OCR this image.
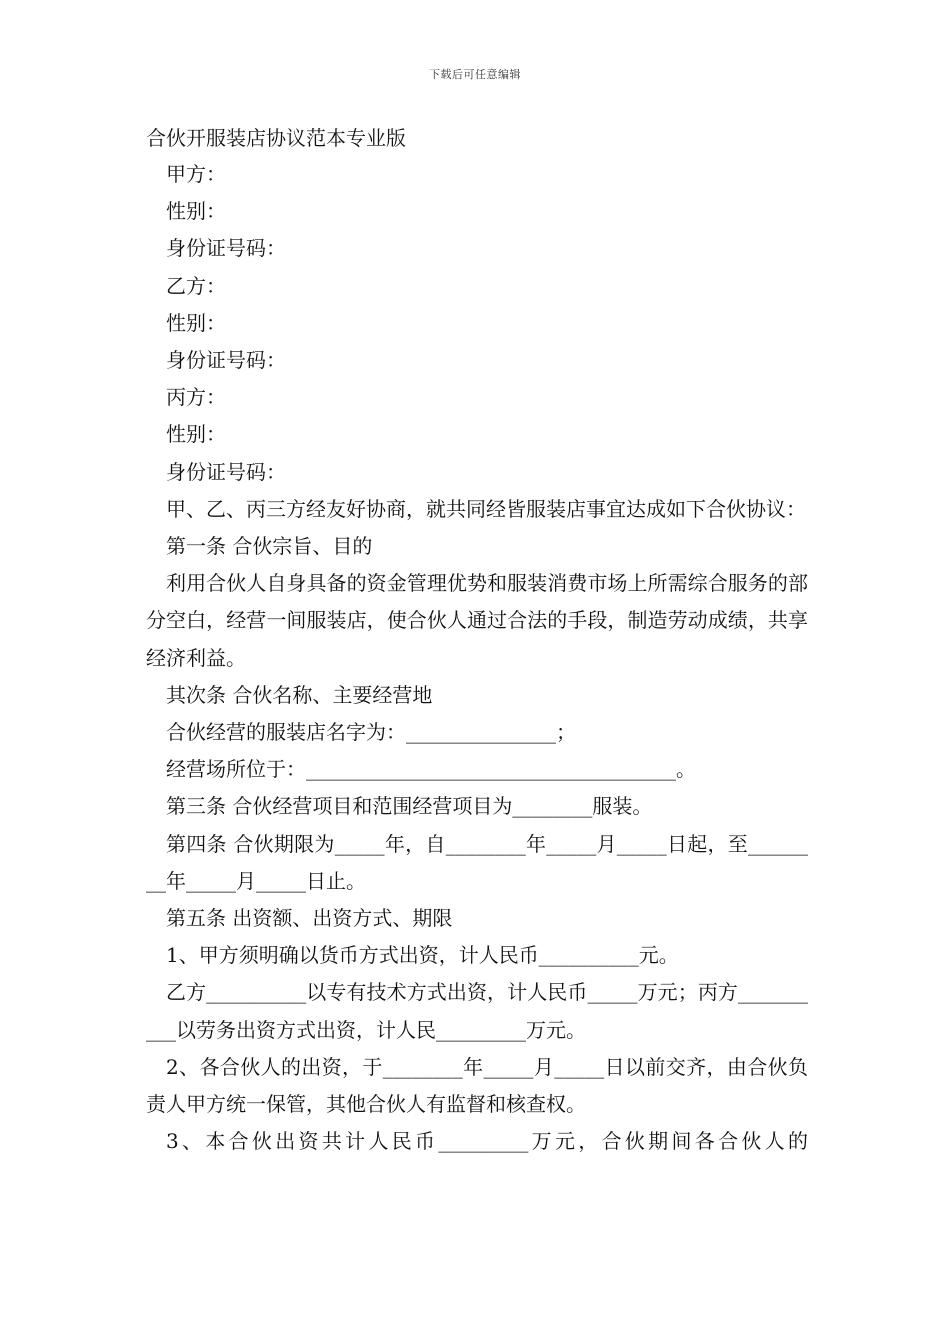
下载后可任意编辑
合伙开服装店协议范本专业版

甲方：

性别：

身份证号码：

乙方：

性别：

身份证号码：

丙方：

性别：

身份证号码：

甲、乙、丙三方经友好协商，就共同经皆服装店事宜达成如下合伙协议：

第一条 合伙宗旨、目的

利用合伙人自身具备的资金管理优势和服装消费市场上所需综合服务的部分空白，经营一间服装店，使合伙人通过合法的手段，制造劳动成绩，共享经济利益。

其次条 合伙名称、主要经营地

合伙经营的服装店名字为：_______________；

经营场所位于：_____________________________________。

第三条 合伙经营项目和范围经营项目为________服装。

第四条 合伙期限为_____年，自________年_____月_____日起，至________年_____月_____日止。

第五条 出资额、出资方式、期限

1、甲方须明确以货币方式出资，计人民币__________元。

乙方__________以专有技术方式出资，计人民币_____万元；丙方__________以劳务出资方式出资，计人民_________万元。

2、各合伙人的出资，于________年_____月_____日以前交齐，由合伙负责人甲方统一保管，其他合伙人有监督和核查权。

3、本合伙出资共计人民币_________万元，合伙期间各合伙人的
